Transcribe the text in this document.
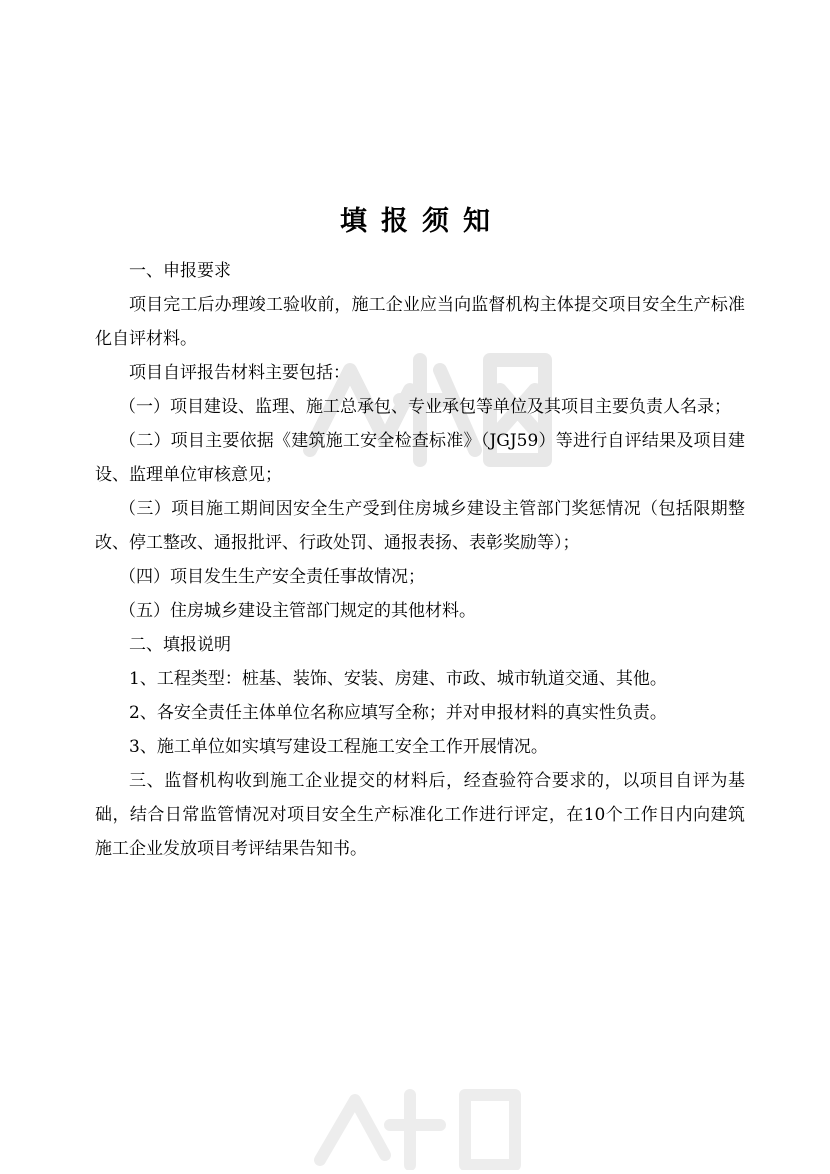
填报须知

一、申报要求

项目完工后办理竣工验收前，施工企业应当向监督机构主体提交项目安全生产标准化自评材料。

项目自评报告材料主要包括：

（一）项目建设、监理、施工总承包、专业承包等单位及其项目主要负责人名录；

（二）项目主要依据《建筑施工安全检查标准》（JGJ59）等进行自评结果及项目建设、监理单位审核意见；

（三）项目施工期间因安全生产受到住房城乡建设主管部门奖惩情况（包括限期整改、停工整改、通报批评、行政处罚、通报表扬、表彰奖励等）；

（四）项目发生生产安全责任事故情况；

（五）住房城乡建设主管部门规定的其他材料。

二、填报说明

1、工程类型：桩基、装饰、安装、房建、市政、城市轨道交通、其他。

2、各安全责任主体单位名称应填写全称；并对申报材料的真实性负责。

3、施工单位如实填写建设工程施工安全工作开展情况。

三、监督机构收到施工企业提交的材料后，经查验符合要求的，以项目自评为基础，结合日常监管情况对项目安全生产标准化工作进行评定，在10个工作日内向建筑施工企业发放项目考评结果告知书。
